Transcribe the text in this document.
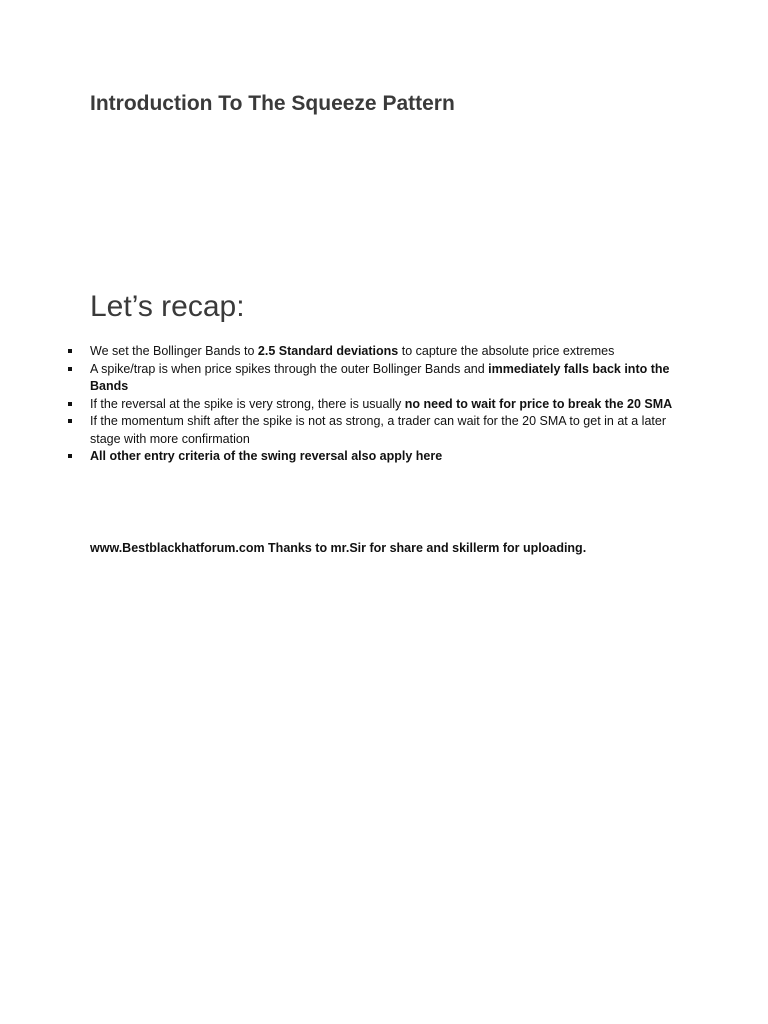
Introduction To The Squeeze Pattern
Let’s recap:
We set the Bollinger Bands to 2.5 Standard deviations to capture the absolute price extremes
A spike/trap is when price spikes through the outer Bollinger Bands and immediately falls back into the Bands
If the reversal at the spike is very strong, there is usually no need to wait for price to break the 20 SMA
If the momentum shift after the spike is not as strong, a trader can wait for the 20 SMA to get in at a later stage with more confirmation
All other entry criteria of the swing reversal also apply here

www.Bestblackhatforum.com Thanks to mr.Sir for share and skillerm for uploading.
